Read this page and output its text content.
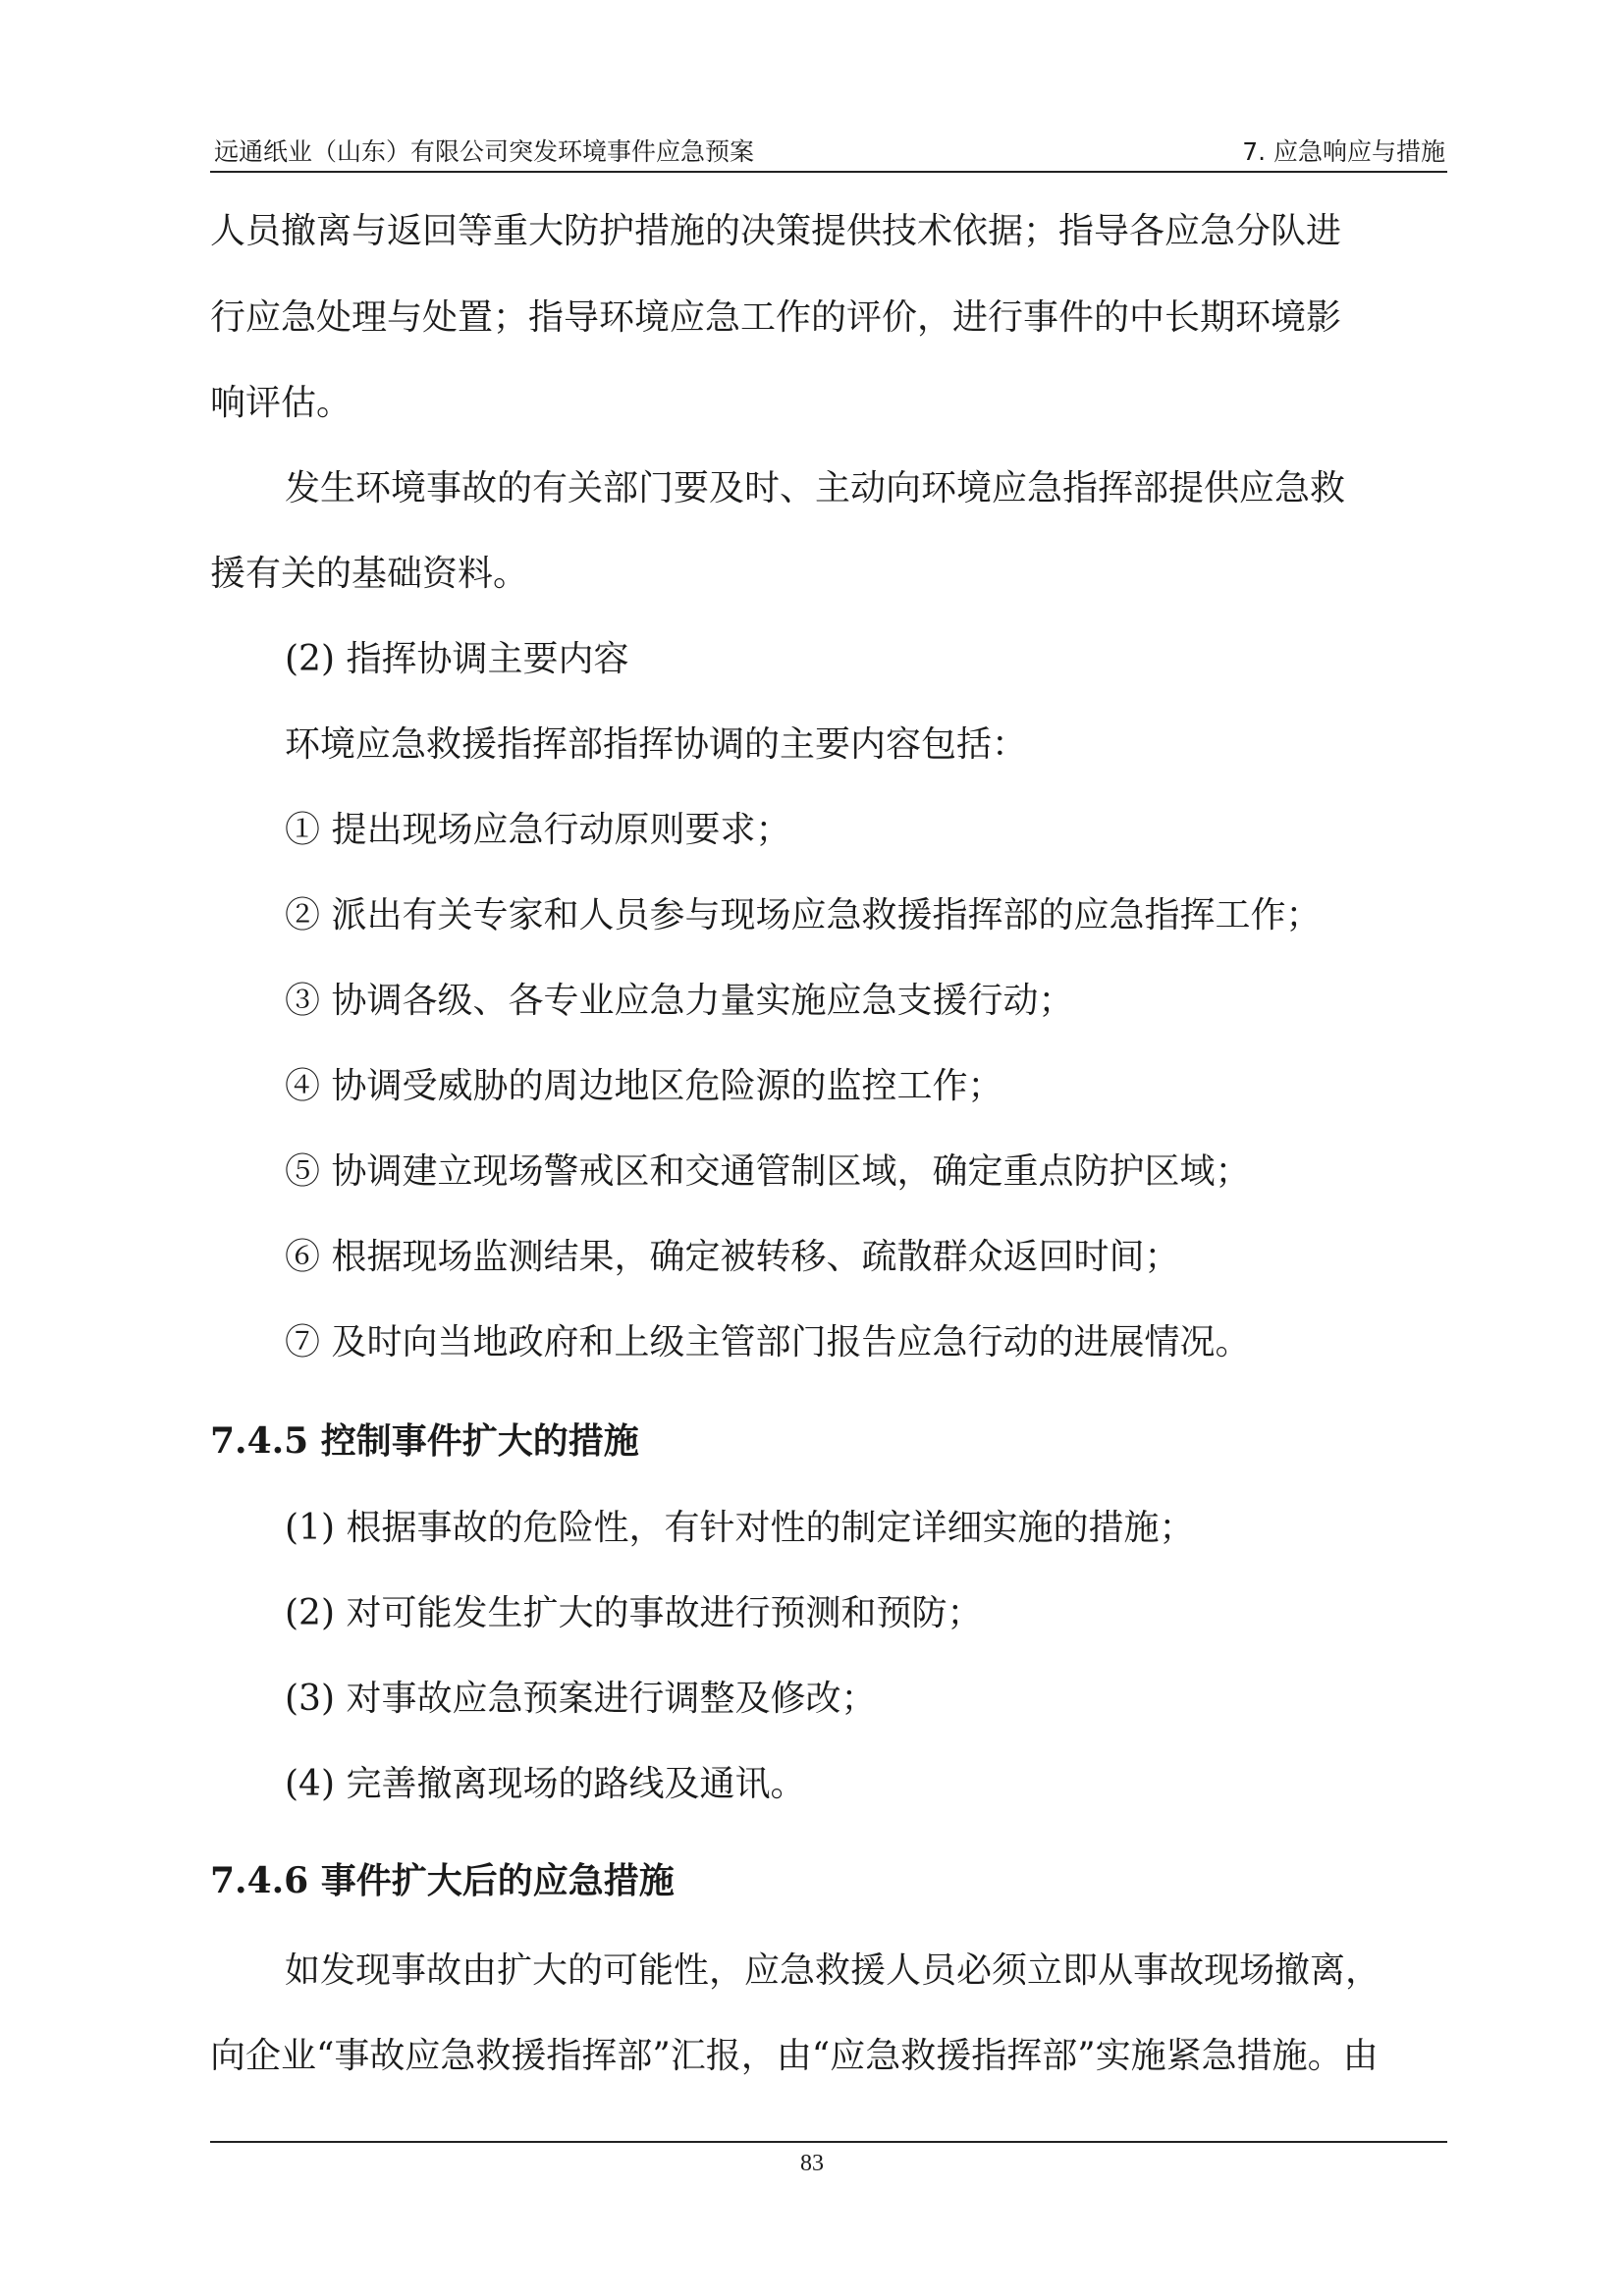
远通纸业（山东）有限公司突发环境事件应急预案	7. 应急响应与措施
人员撤离与返回等重大防护措施的决策提供技术依据；指导各应急分队进
行应急处理与处置；指导环境应急工作的评价，进行事件的中长期环境影
响评估。
发生环境事故的有关部门要及时、主动向环境应急指挥部提供应急救
援有关的基础资料。
(2) 指挥协调主要内容
环境应急救援指挥部指挥协调的主要内容包括：
① 提出现场应急行动原则要求；
② 派出有关专家和人员参与现场应急救援指挥部的应急指挥工作；
③ 协调各级、各专业应急力量实施应急支援行动；
④ 协调受威胁的周边地区危险源的监控工作；
⑤ 协调建立现场警戒区和交通管制区域，确定重点防护区域；
⑥ 根据现场监测结果，确定被转移、疏散群众返回时间；
⑦ 及时向当地政府和上级主管部门报告应急行动的进展情况。
7.4.5 控制事件扩大的措施
(1) 根据事故的危险性，有针对性的制定详细实施的措施；
(2) 对可能发生扩大的事故进行预测和预防；
(3) 对事故应急预案进行调整及修改；
(4) 完善撤离现场的路线及通讯。
7.4.6 事件扩大后的应急措施
如发现事故由扩大的可能性，应急救援人员必须立即从事故现场撤离，
向企业“事故应急救援指挥部”汇报，由“应急救援指挥部”实施紧急措施。由
83
